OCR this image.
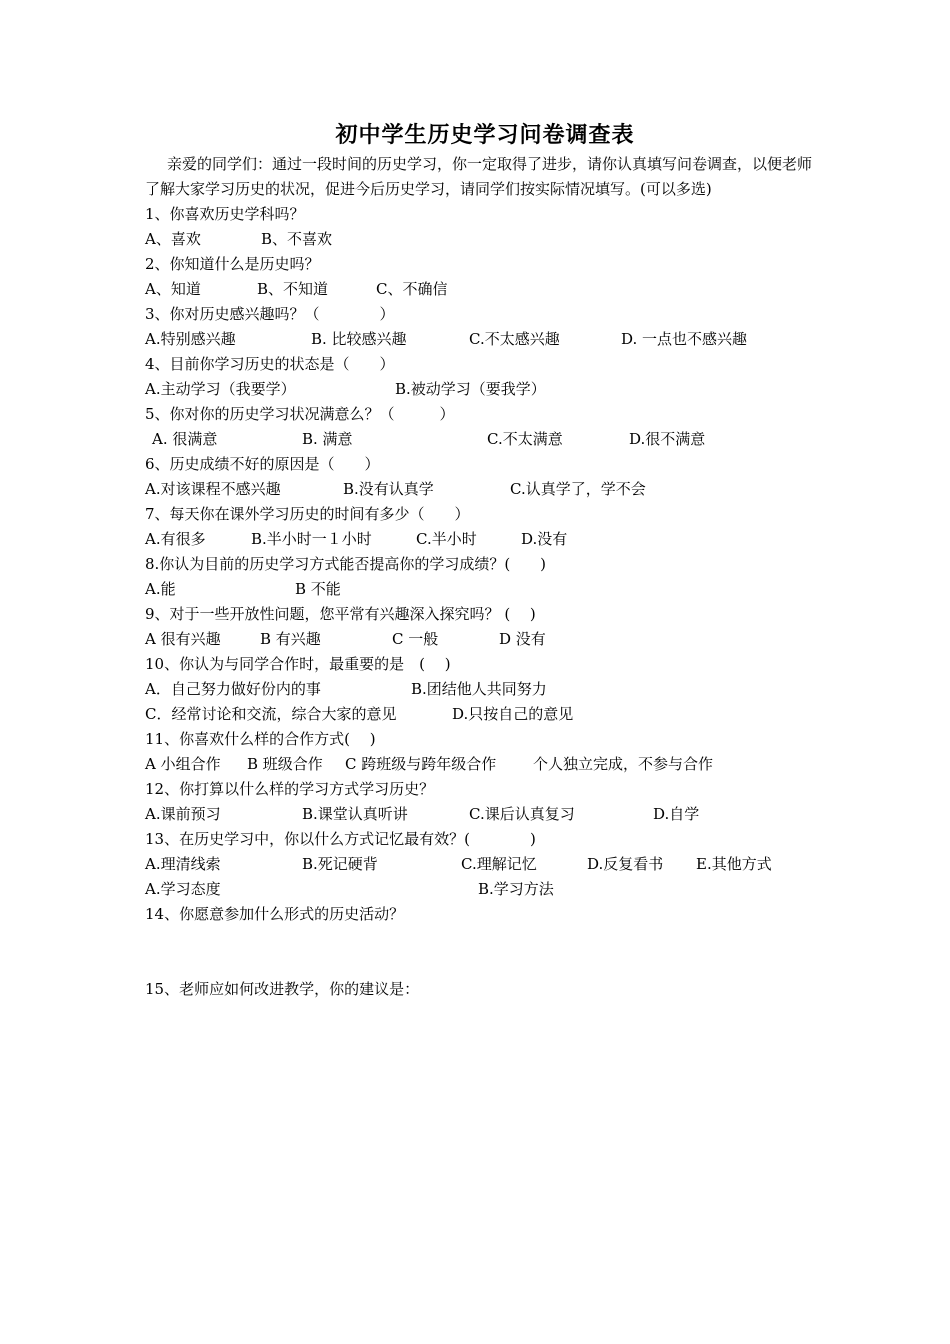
初中学生历史学习问卷调查表

亲爱的同学们：通过一段时间的历史学习，你一定取得了进步，请你认真填写问卷调查，以便老师了解大家学习历史的状况，促进今后历史学习，请同学们按实际情况填写。(可以多选)

1、你喜欢历史学科吗？
A、喜欢	B、不喜欢
2、你知道什么是历史吗？
A、知道	B、不知道	C、不确信
3、你对历史感兴趣吗？（　　　　）
A.特别感兴趣	B. 比较感兴趣	C.不太感兴趣	D. 一点也不感兴趣
4、目前你学习历史的状态是（　　）
A.主动学习（我要学）	B.被动学习（要我学）
5、你对你的历史学习状况满意么？（　　　）
A. 很满意	B. 满意	C.不太满意	D.很不满意
6、历史成绩不好的原因是（　　）
A.对该课程不感兴趣	B.没有认真学	C.认真学了，学不会
7、每天你在课外学习历史的时间有多少（　　）
A.有很多	B.半小时一１小时	C.半小时	D.没有
8.你认为目前的历史学习方式能否提高你的学习成绩？(　　)
A.能	B 不能
9、对于一些开放性问题，您平常有兴趣深入探究吗？ (　 )
A 很有兴趣	B 有兴趣	C 一般	D 没有
10、你认为与同学合作时，最重要的是　(　 )
A．自己努力做好份内的事	B.团结他人共同努力
C．经常讨论和交流，综合大家的意见	D.只按自己的意见
11、你喜欢什么样的合作方式(　 )
A 小组合作 B 班级合作 C 跨班级与跨年级合作 个人独立完成，不参与合作
12、你打算以什么样的学习方式学习历史？
A.课前预习	B.课堂认真听讲	C.课后认真复习	D.自学
13、在历史学习中，你以什么方式记忆最有效？(　　　　)
A.理清线索	B.死记硬背	C.理解记忆	D.反复看书 E.其他方式
A.学习态度	B.学习方法
14、你愿意参加什么形式的历史活动？
15、老师应如何改进教学，你的建议是：
